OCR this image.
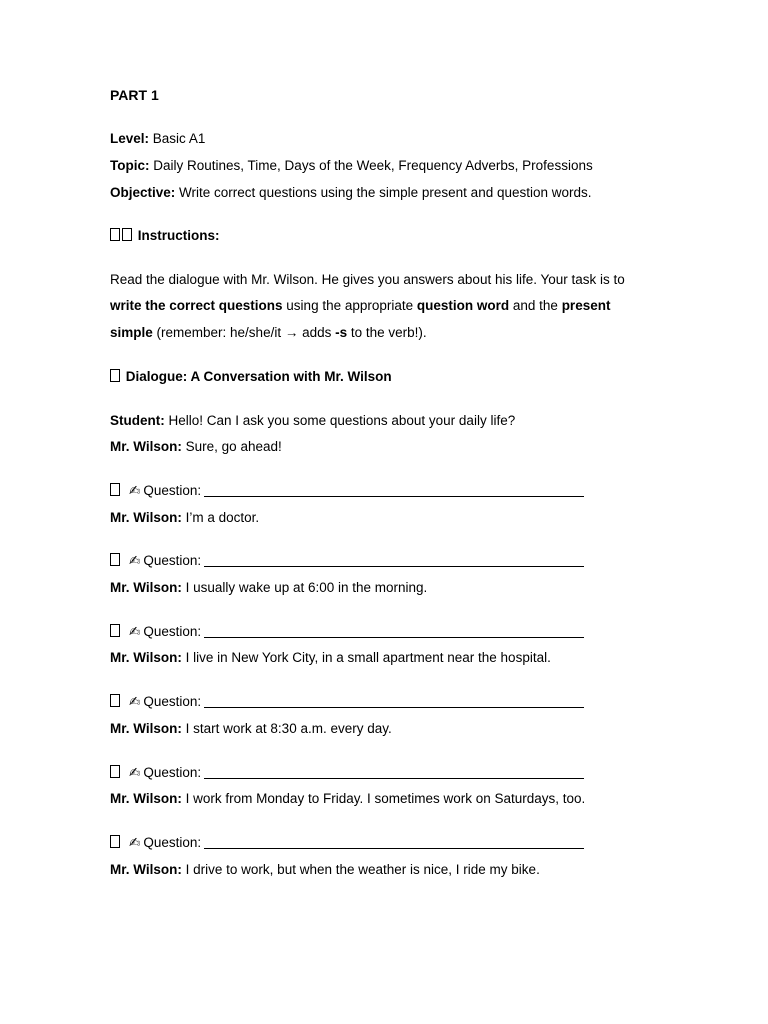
PART 1
Level: Basic A1
Topic: Daily Routines, Time, Days of the Week, Frequency Adverbs, Professions
Objective: Write correct questions using the simple present and question words.
Instructions:
Read the dialogue with Mr. Wilson. He gives you answers about his life. Your task is to
write the correct questions using the appropriate question word and the present
simple (remember: he/she/it → adds -s to the verb!).
Dialogue: A Conversation with Mr. Wilson
Student: Hello! Can I ask you some questions about your daily life?
Mr. Wilson: Sure, go ahead!
✍ Question:
Mr. Wilson: I’m a doctor.
✍ Question:
Mr. Wilson: I usually wake up at 6:00 in the morning.
✍ Question:
Mr. Wilson: I live in New York City, in a small apartment near the hospital.
✍ Question:
Mr. Wilson: I start work at 8:30 a.m. every day.
✍ Question:
Mr. Wilson: I work from Monday to Friday. I sometimes work on Saturdays, too.
✍ Question:
Mr. Wilson: I drive to work, but when the weather is nice, I ride my bike.
